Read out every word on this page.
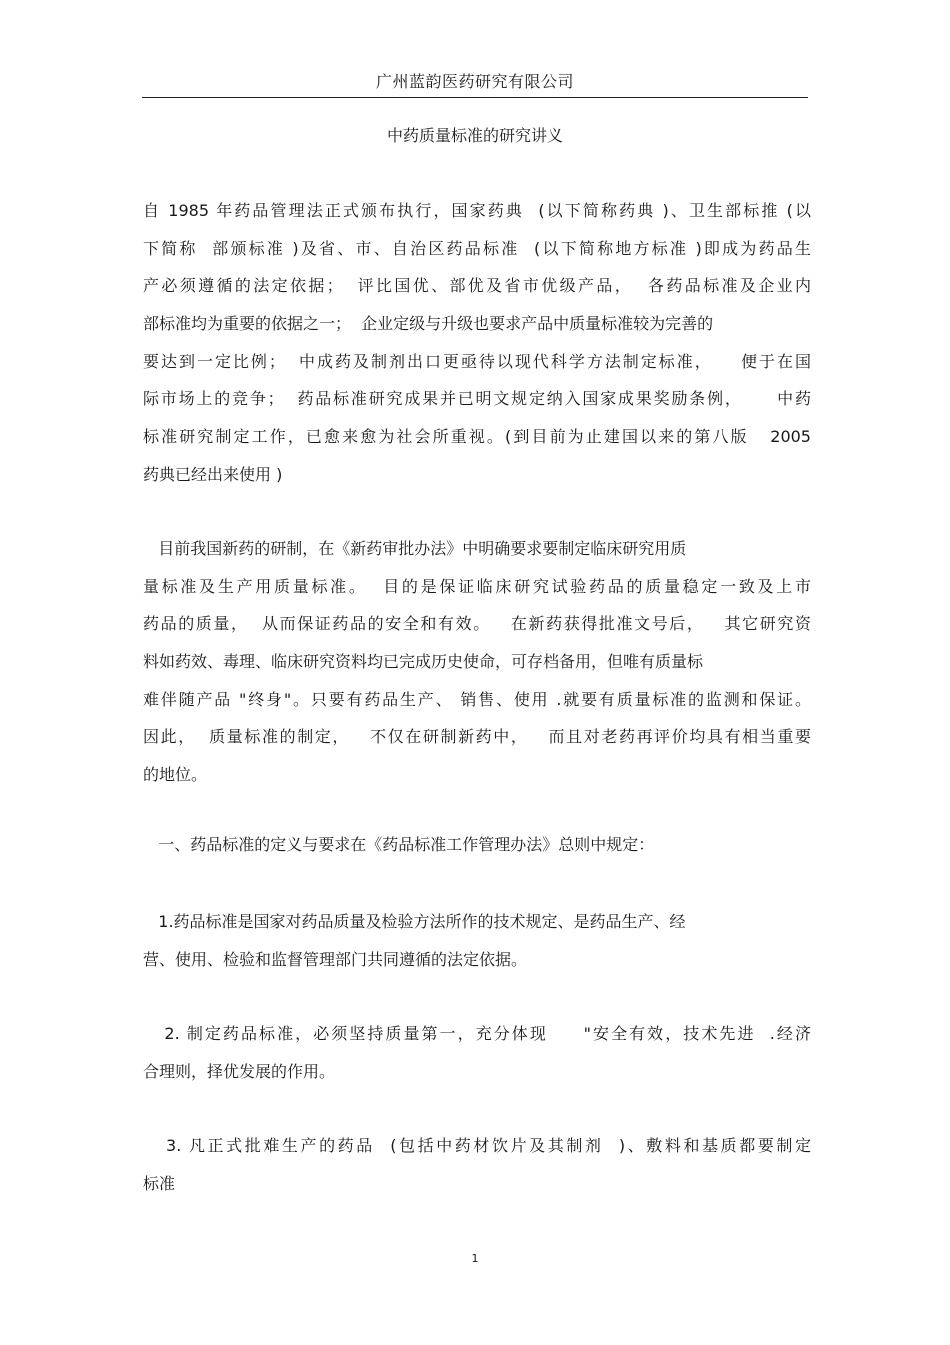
广州蓝韵医药研究有限公司
中药质量标准的研究讲义
自 1985 年药品管理法正式颁布执行，国家药典  (以下简称药典 )、卫生部标推 (以
下简称  部颁标准 )及省、市、自治区药品标准  (以下简称地方标准 )即成为药品生
产必须遵循的法定依据；  评比国优、部优及省市优级产品，  各药品标准及企业内
部标准均为重要的依据之一；  企业定级与升级也要求产品中质量标准较为完善的
要达到一定比例；  中成药及制剂出口更亟待以现代科学方法制定标准，    便于在国
际市场上的竞争；  药品标准研究成果并已明文规定纳入国家成果奖励条例，     中药
标准研究制定工作，已愈来愈为社会所重视。(到目前为止建国以来的第八版   2005
药典已经出来使用 )
目前我国新药的研制，在《新药审批办法》中明确要求要制定临床研究用质
量标准及生产用质量标准。  目的是保证临床研究试验药品的质量稳定一致及上市
药品的质量，  从而保证药品的安全和有效。   在新药获得批准文号后，   其它研究资
料如药效、毒理、临床研究资料均已完成历史使命，可存档备用，但唯有质量标
难伴随产品 "终身"。只要有药品生产、 销售、使用 .就要有质量标准的监测和保证。
因此，  质量标准的制定，   不仅在研制新药中，   而且对老药再评价均具有相当重要
的地位。
一、药品标准的定义与要求在《药品标准工作管理办法》总则中规定：
1.药品标准是国家对药品质量及检验方法所作的技术规定、是药品生产、经
营、使用、检验和监督管理部门共同遵循的法定依据。
2. 制定药品标准，必须坚持质量第一，充分体现     "安全有效，技术先进  .经济
合理则，择优发展的作用。
3. 凡正式批难生产的药品  (包括中药材饮片及其制剂  )、敷料和基质都要制定
标准
1
